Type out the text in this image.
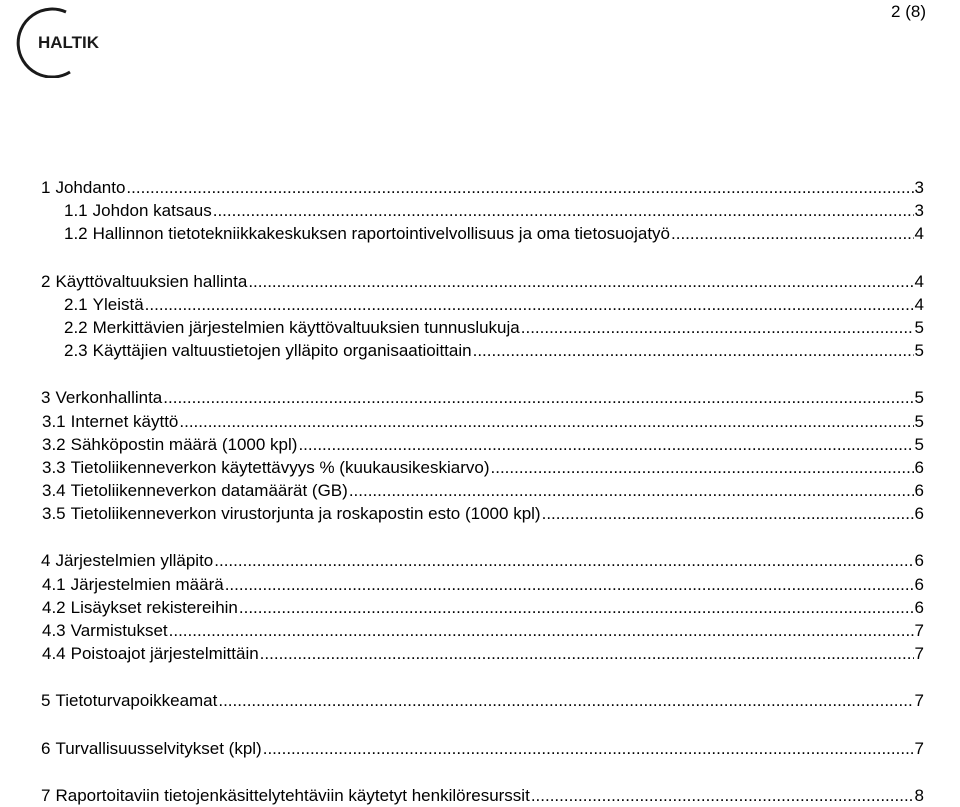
HALTIK
2 (8)
1 Johdanto .....	3
1.1 Johdon katsaus .....	3
1.2 Hallinnon tietotekniikkakeskuksen raportointivelvollisuus ja oma tietosuojatyö .....	4
2 Käyttövaltuuksien hallinta .....	4
2.1 Yleistä .....	4
2.2 Merkittävien järjestelmien käyttövaltuuksien tunnuslukuja .....	5
2.3 Käyttäjien valtuustietojen ylläpito organisaatioittain .....	5
3 Verkonhallinta .....	5
3.1 Internet käyttö .....	5
3.2 Sähköpostin määrä (1000 kpl) .....	5
3.3 Tietoliikenneverkon käytettävyys % (kuukausikeskiarvo) .....	6
3.4 Tietoliikenneverkon datamäärät (GB) .....	6
3.5 Tietoliikenneverkon virustorjunta ja roskapostin esto (1000 kpl) .....	6
4 Järjestelmien ylläpito .....	6
4.1 Järjestelmien määrä .....	6
4.2 Lisäykset rekistereihin .....	6
4.3 Varmistukset .....	7
4.4 Poistoajot järjestelmittäin .....	7
5 Tietoturvapoikkeamat .....	7
6 Turvallisuusselvitykset (kpl) .....	7
7 Raportoitaviin tietojenkäsittelytehtäviin käytetyt henkilöresurssit .....	8
